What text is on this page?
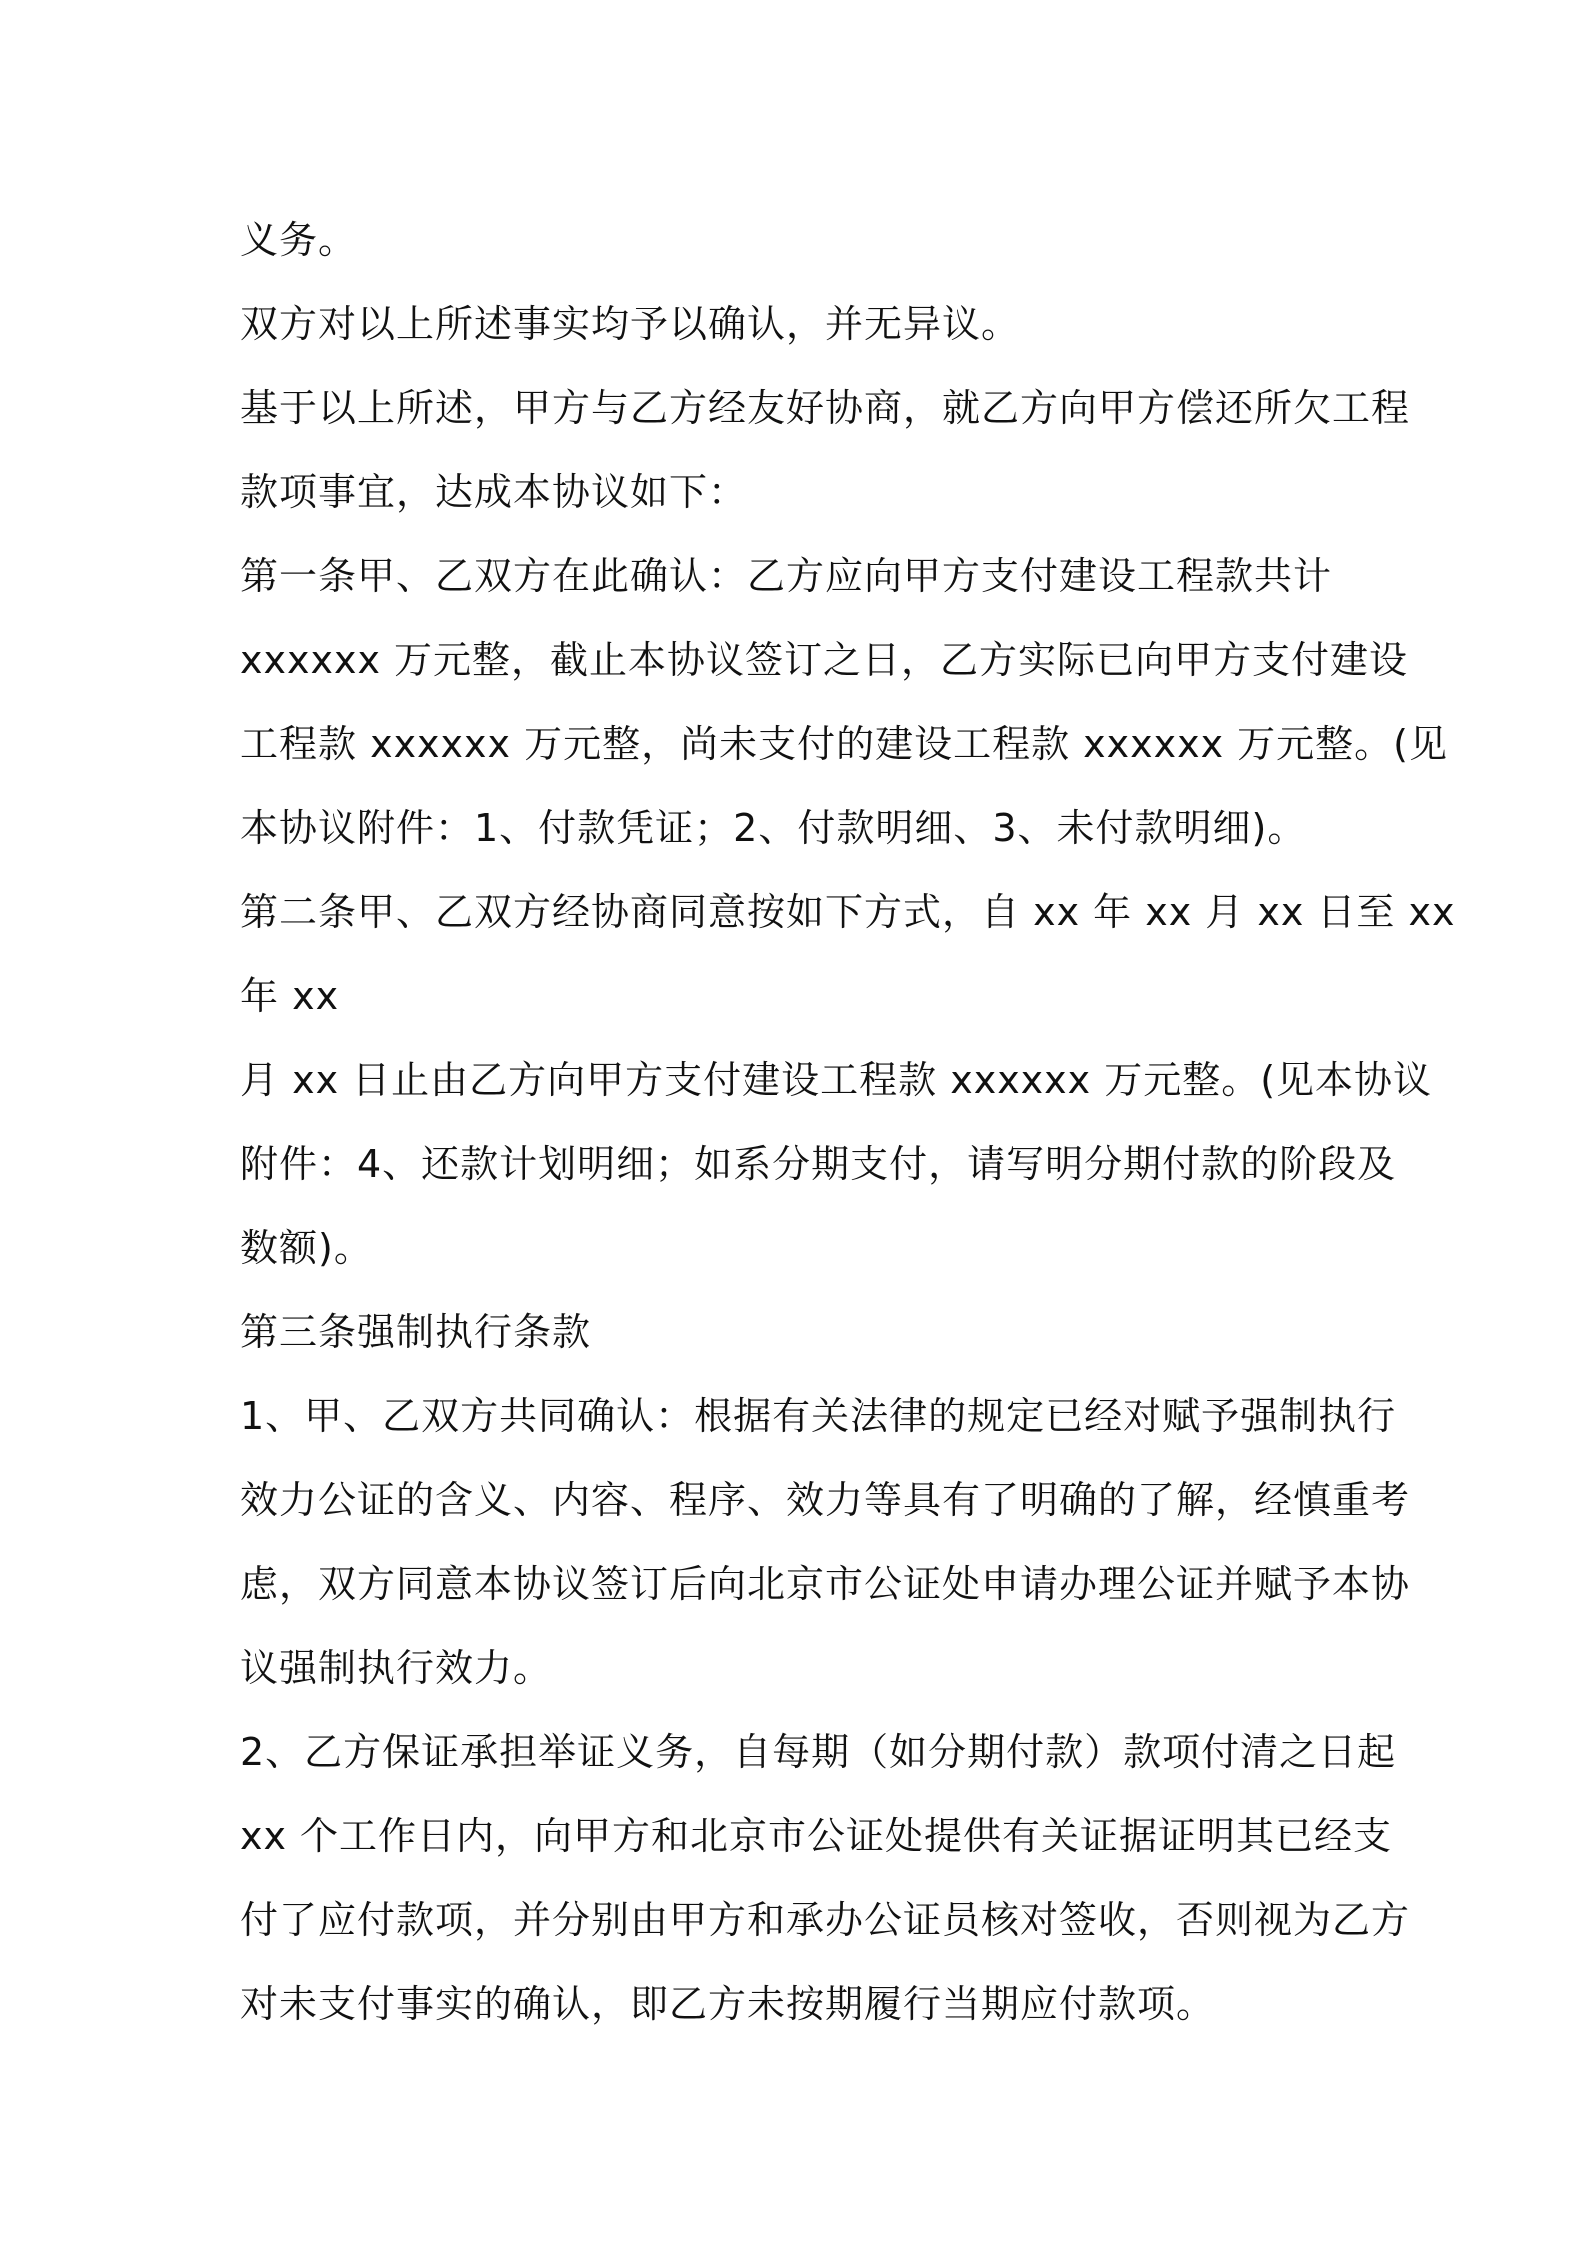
义务。
双方对以上所述事实均予以确认，并无异议。
基于以上所述，甲方与乙方经友好协商，就乙方向甲方偿还所欠工程
款项事宜，达成本协议如下：
第一条甲、乙双方在此确认：乙方应向甲方支付建设工程款共计
xxxxxx 万元整，截止本协议签订之日，乙方实际已向甲方支付建设
工程款 xxxxxx 万元整，尚未支付的建设工程款 xxxxxx 万元整。(见
本协议附件：1、付款凭证；2、付款明细、3、未付款明细)。
第二条甲、乙双方经协商同意按如下方式，自 xx 年 xx 月 xx 日至 xx
年 xx
月 xx 日止由乙方向甲方支付建设工程款 xxxxxx 万元整。(见本协议
附件：4、还款计划明细；如系分期支付，请写明分期付款的阶段及
数额)。
第三条强制执行条款
1、甲、乙双方共同确认：根据有关法律的规定已经对赋予强制执行
效力公证的含义、内容、程序、效力等具有了明确的了解，经慎重考
虑，双方同意本协议签订后向北京市公证处申请办理公证并赋予本协
议强制执行效力。
2、乙方保证承担举证义务，自每期（如分期付款）款项付清之日起
xx 个工作日内，向甲方和北京市公证处提供有关证据证明其已经支
付了应付款项，并分别由甲方和承办公证员核对签收，否则视为乙方
对未支付事实的确认，即乙方未按期履行当期应付款项。
